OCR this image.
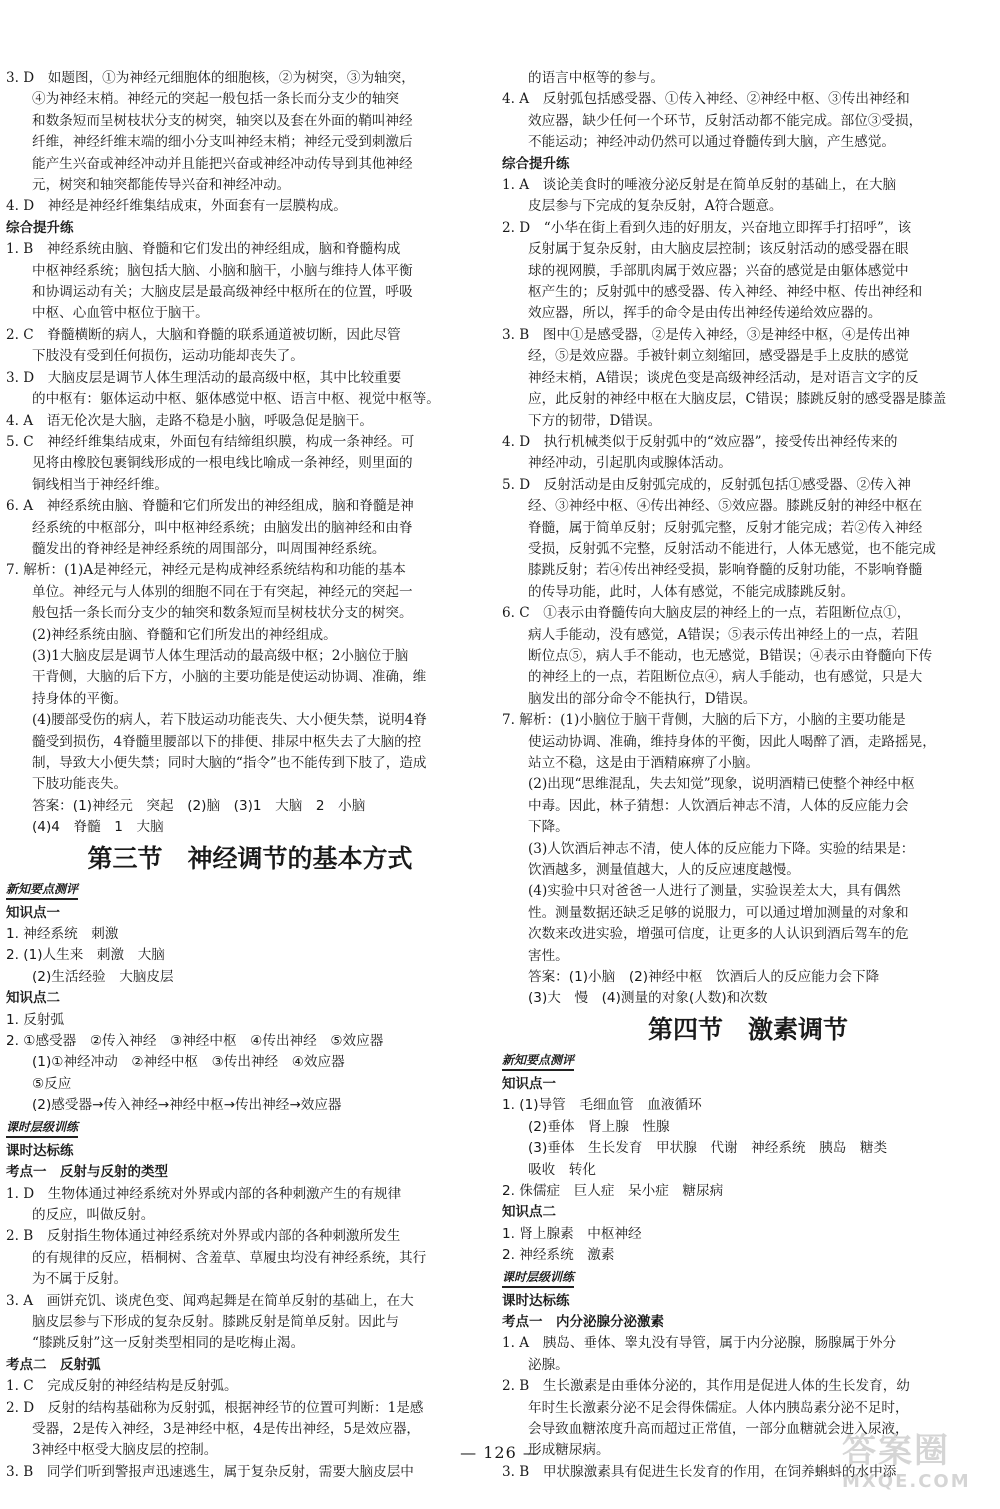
3. D　如题图，①为神经元细胞体的细胞核，②为树突，③为轴突，
④为神经末梢。神经元的突起一般包括一条长而分支少的轴突
和数条短而呈树枝状分支的树突，轴突以及套在外面的鞘叫神经
纤维，神经纤维末端的细小分支叫神经末梢；神经元受到刺激后
能产生兴奋或神经冲动并且能把兴奋或神经冲动传导到其他神经
元，树突和轴突都能传导兴奋和神经冲动。
4. D　神经是神经纤维集结成束，外面套有一层膜构成。
综合提升练
1. B　神经系统由脑、脊髓和它们发出的神经组成，脑和脊髓构成
中枢神经系统；脑包括大脑、小脑和脑干，小脑与维持人体平衡
和协调运动有关；大脑皮层是最高级神经中枢所在的位置，呼吸
中枢、心血管中枢位于脑干。
2. C　脊髓横断的病人，大脑和脊髓的联系通道被切断，因此尽管
下肢没有受到任何损伤，运动功能却丧失了。
3. D　大脑皮层是调节人体生理活动的最高级中枢，其中比较重要
的中枢有：躯体运动中枢、躯体感觉中枢、语言中枢、视觉中枢等。
4. A　语无伦次是大脑，走路不稳是小脑，呼吸急促是脑干。
5. C　神经纤维集结成束，外面包有结缔组织膜，构成一条神经。可
见将由橡胶包裹铜线形成的一根电线比喻成一条神经，则里面的
铜线相当于神经纤维。
6. A　神经系统由脑、脊髓和它们所发出的神经组成，脑和脊髓是神
经系统的中枢部分，叫中枢神经系统；由脑发出的脑神经和由脊
髓发出的脊神经是神经系统的周围部分，叫周围神经系统。
7. 解析：(1)A是神经元，神经元是构成神经系统结构和功能的基本
单位。神经元与人体别的细胞不同在于有突起，神经元的突起一
般包括一条长而分支少的轴突和数条短而呈树枝状分支的树突。
(2)神经系统由脑、脊髓和它们所发出的神经组成。
(3)1大脑皮层是调节人体生理活动的最高级中枢；2小脑位于脑
干背侧，大脑的后下方，小脑的主要功能是使运动协调、准确，维
持身体的平衡。
(4)腰部受伤的病人，若下肢运动功能丧失、大小便失禁，说明4脊
髓受到损伤，4脊髓里腰部以下的排便、排尿中枢失去了大脑的控
制，导致大小便失禁；同时大脑的“指令”也不能传到下肢了，造成
下肢功能丧失。
答案：(1)神经元　突起　(2)脑　(3)1　大脑　2　小脑
(4)4　脊髓　1　大脑
第三节　神经调节的基本方式
新知要点测评
知识点一
1. 神经系统　刺激
2. (1)人生来　刺激　大脑
(2)生活经验　大脑皮层
知识点二
1. 反射弧
2. ①感受器　②传入神经　③神经中枢　④传出神经　⑤效应器
(1)①神经冲动　②神经中枢　③传出神经　④效应器
⑤反应
(2)感受器→传入神经→神经中枢→传出神经→效应器
课时层级训练
课时达标练
考点一　反射与反射的类型
1. D　生物体通过神经系统对外界或内部的各种刺激产生的有规律
的反应，叫做反射。
2. B　反射指生物体通过神经系统对外界或内部的各种刺激所发生
的有规律的反应，梧桐树、含羞草、草履虫均没有神经系统，其行
为不属于反射。
3. A　画饼充饥、谈虎色变、闻鸡起舞是在简单反射的基础上，在大
脑皮层参与下形成的复杂反射。膝跳反射是简单反射。因此与
“膝跳反射”这一反射类型相同的是吃梅止渴。
考点二　反射弧
1. C　完成反射的神经结构是反射弧。
2. D　反射的结构基础称为反射弧，根据神经节的位置可判断：1是感
受器，2是传入神经，3是神经中枢，4是传出神经，5是效应器，
3神经中枢受大脑皮层的控制。
3. B　同学们听到警报声迅速逃生，属于复杂反射，需要大脑皮层中
的语言中枢等的参与。
4. A　反射弧包括感受器、①传入神经、②神经中枢、③传出神经和
效应器，缺少任何一个环节，反射活动都不能完成。部位③受损，
不能运动；神经冲动仍然可以通过脊髓传到大脑，产生感觉。
综合提升练
1. A　谈论美食时的唾液分泌反射是在简单反射的基础上，在大脑
皮层参与下完成的复杂反射，A符合题意。
2. D　“小华在街上看到久违的好朋友，兴奋地立即挥手打招呼”，该
反射属于复杂反射，由大脑皮层控制；该反射活动的感受器在眼
球的视网膜，手部肌肉属于效应器；兴奋的感觉是由躯体感觉中
枢产生的；反射弧中的感受器、传入神经、神经中枢、传出神经和
效应器，所以，挥手的命令是由传出神经传递给效应器的。
3. B　图中①是感受器，②是传入神经，③是神经中枢，④是传出神
经，⑤是效应器。手被针刺立刻缩回，感受器是手上皮肤的感觉
神经末梢，A错误；谈虎色变是高级神经活动，是对语言文字的反
应，此反射的神经中枢在大脑皮层，C错误；膝跳反射的感受器是膝盖
下方的韧带，D错误。
4. D　执行机械类似于反射弧中的“效应器”，接受传出神经传来的
神经冲动，引起肌肉或腺体活动。
5. D　反射活动是由反射弧完成的，反射弧包括①感受器、②传入神
经、③神经中枢、④传出神经、⑤效应器。膝跳反射的神经中枢在
脊髓，属于简单反射；反射弧完整，反射才能完成；若②传入神经
受损，反射弧不完整，反射活动不能进行，人体无感觉，也不能完成
膝跳反射；若④传出神经受损，影响脊髓的反射功能，不影响脊髓
的传导功能，此时，人体有感觉，不能完成膝跳反射。
6. C　①表示由脊髓传向大脑皮层的神经上的一点，若阻断位点①，
病人手能动，没有感觉，A错误；⑤表示传出神经上的一点，若阻
断位点⑤，病人手不能动，也无感觉，B错误；④表示由脊髓向下传
的神经上的一点，若阻断位点④，病人手能动，也有感觉，只是大
脑发出的部分命令不能执行，D错误。
7. 解析：(1)小脑位于脑干背侧，大脑的后下方，小脑的主要功能是
使运动协调、准确，维持身体的平衡，因此人喝醉了酒，走路摇晃，
站立不稳，这是由于酒精麻痹了小脑。
(2)出现“思维混乱，失去知觉”现象，说明酒精已使整个神经中枢
中毒。因此，林子猜想：人饮酒后神志不清，人体的反应能力会
下降。
(3)人饮酒后神志不清，使人体的反应能力下降。实验的结果是：
饮酒越多，测量值越大，人的反应速度越慢。
(4)实验中只对爸爸一人进行了测量，实验误差太大，具有偶然
性。测量数据还缺乏足够的说服力，可以通过增加测量的对象和
次数来改进实验，增强可信度，让更多的人认识到酒后驾车的危
害性。
答案：(1)小脑　(2)神经中枢　饮酒后人的反应能力会下降
(3)大　慢　(4)测量的对象(人数)和次数
第四节　激素调节
新知要点测评
知识点一
1. (1)导管　毛细血管　血液循环
(2)垂体　肾上腺　性腺
(3)垂体　生长发育　甲状腺　代谢　神经系统　胰岛　糖类
吸收　转化
2. 侏儒症　巨人症　呆小症　糖尿病
知识点二
1. 肾上腺素　中枢神经
2. 神经系统　激素
课时层级训练
课时达标练
考点一　内分泌腺分泌激素
1. A　胰岛、垂体、睾丸没有导管，属于内分泌腺，肠腺属于外分
泌腺。
2. B　生长激素是由垂体分泌的，其作用是促进人体的生长发育，幼
年时生长激素分泌不足会得侏儒症。人体内胰岛素分泌不足时，
会导致血糖浓度升高而超过正常值，一部分血糖就会进入尿液，
形成糖尿病。
3. B　甲状腺激素具有促进生长发育的作用，在饲养蝌蚪的水中添
— 126 —	答案圈
MXQE.COM
